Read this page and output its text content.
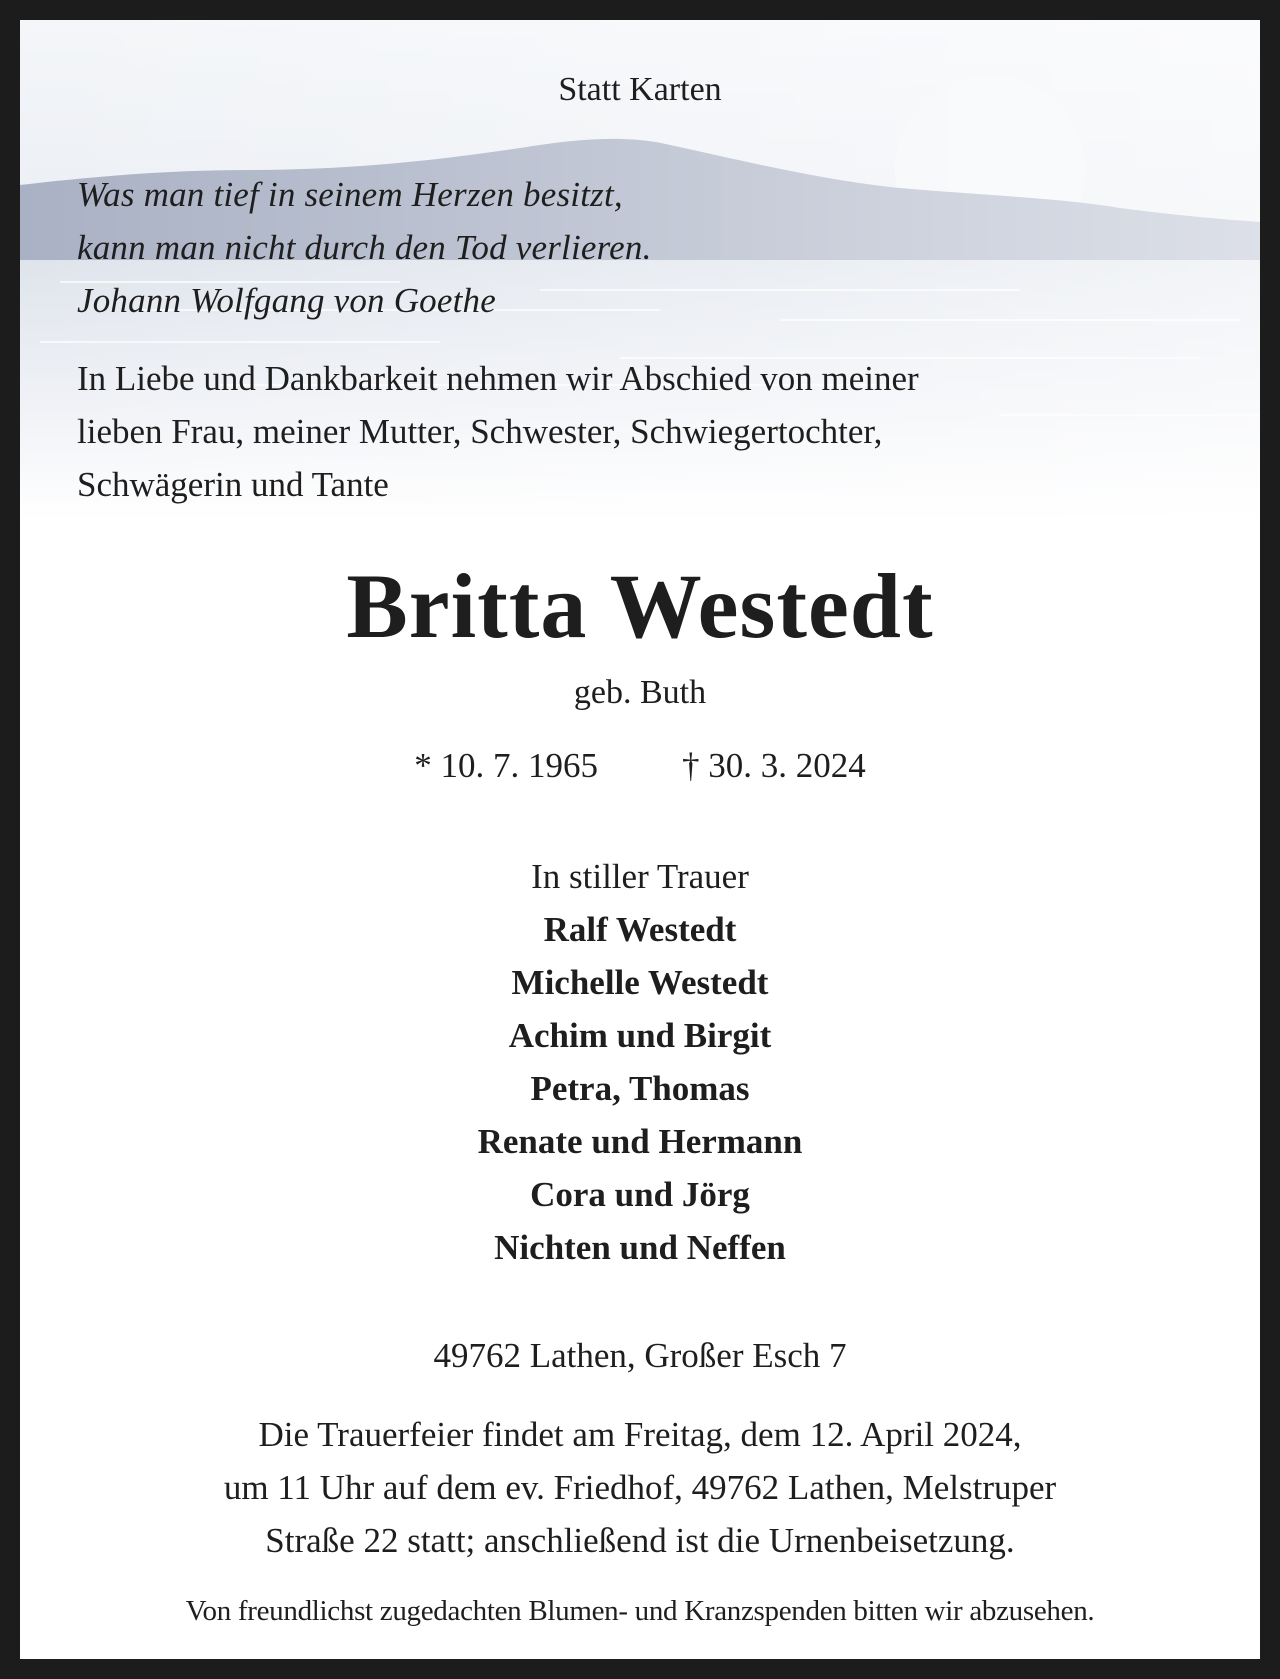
Statt Karten

Was man tief in seinem Herzen besitzt,

kann man nicht durch den Tod verlieren.

Johann Wolfgang von Goethe

In Liebe und Dankbarkeit nehmen wir Abschied von meiner

lieben Frau, meiner Mutter, Schwester, Schwiegertochter,

Schwägerin und Tante

Britta Westedt

geb. Buth

* 10. 7. 1965 † 30. 3. 2024

In stiller Trauer

Ralf Westedt

Michelle Westedt

Achim und Birgit

Petra, Thomas

Renate und Hermann

Cora und Jörg

Nichten und Neffen

49762 Lathen, Großer Esch 7

Die Trauerfeier findet am Freitag, dem 12. April 2024,

um 11 Uhr auf dem ev. Friedhof, 49762 Lathen, Melstruper

Straße 22 statt; anschließend ist die Urnenbeisetzung.

Von freundlichst zugedachten Blumen- und Kranzspenden bitten wir abzusehen.
